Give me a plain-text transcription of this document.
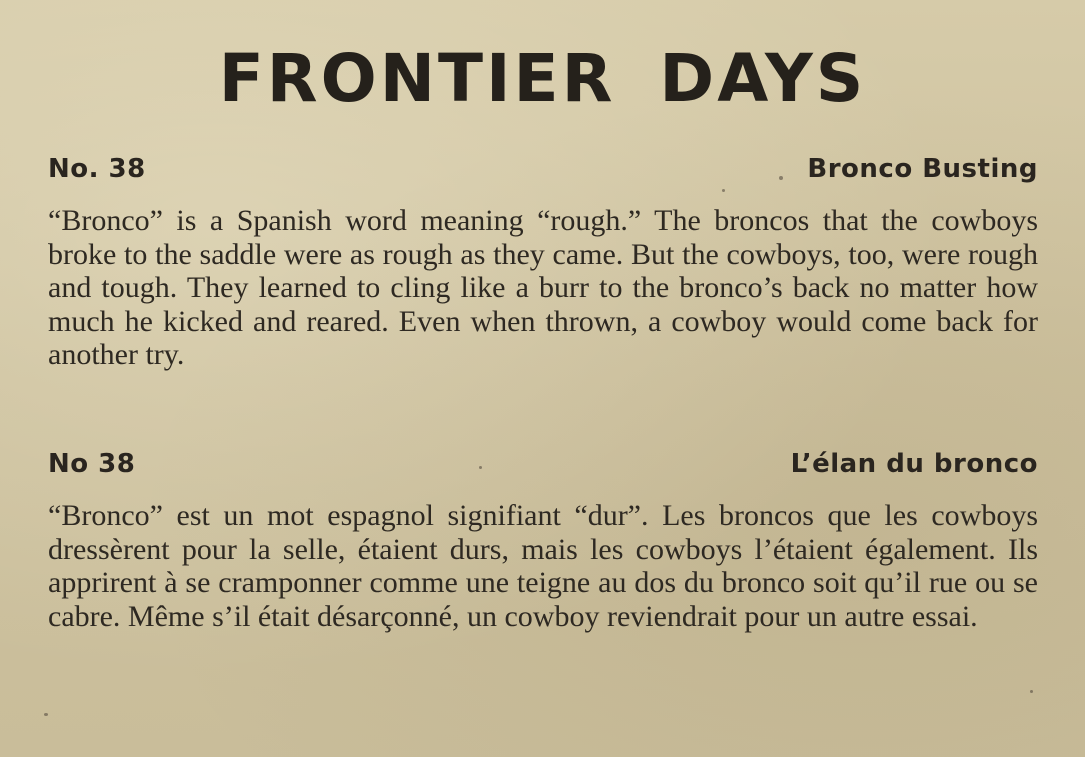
FRONTIER DAYS
No. 38	Bronco Busting
“Bronco” is a Spanish word meaning “rough.” The broncos that the cowboys broke to the saddle were as rough as they came. But the cowboys, too, were rough and tough. They learned to cling like a burr to the bronco’s back no matter how much he kicked and reared. Even when thrown, a cowboy would come back for another try.
No 38	L’élan du bronco
“Bronco” est un mot espagnol signifiant “dur”. Les broncos que les cowboys dressèrent pour la selle, étaient durs, mais les cowboys l’étaient également. Ils apprirent à se cramponner comme une teigne au dos du bronco soit qu’il rue ou se cabre. Même s’il était désarçonné, un cowboy reviendrait pour un autre essai.
